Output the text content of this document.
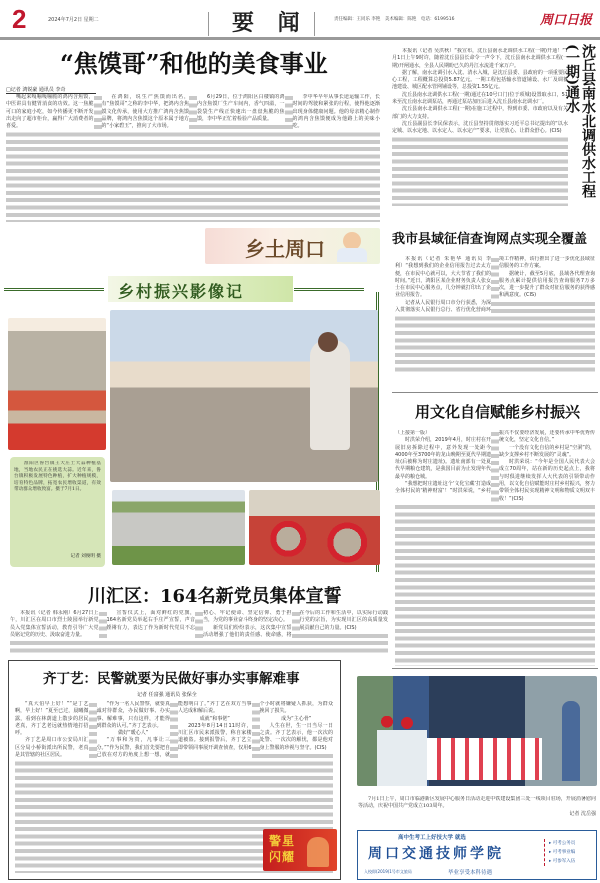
2	2024年7月2日 星期二	要 闻	责任编辑：王同乐 李艳　美术编辑：陈艳　电话：6199516	周口日报
“焦馍哥”和他的美食事业
□记者 鸿锐豪 通讯员 李奇

嘴起来嘎嘣嘎嘣脆的鸿内含焦馍，中医讲具有健胃消食的功效。这一焦脆可口的家庭小吃，如今传播更不断开发出走向了超市柜台，赢得广大消费者的喜爱。

在鸿阳，说生产焦馍而出名，有“焦馍哥”之称的李中华，把鸿内含焦馍文化传承，使用大方推广鸿内含焦馍品牌，将鸿内含焦馍这个原本属于地方的“小家碧玉”，推向了大市场。

6月29日，位于鸿阳区白楼镇的鸿内含焦馍厂生产车间内，香气四溢，一袋袋生产线正快速出一盘盘焦脆的焦馍，李中华正忙着检验产品质量。

李中华早年从事长途运输工作，长时间的驾驶和紧张的行程，使得他逐渐出现身体健康问题。他的母亲精心制作的鸿内含焦馍便成为他路上的美味小吃。

乡土周口

本报讯（记者 吴洪秋）“我宣布，沈丘县南水北调供水工程(一期)开通！”7月1日上午9时许，随着沈丘县县长命令一声令下，沈丘县南水北调供水工程(一期)开闸通水，全县人民期盼已久的丹江水流进千家万户。

据了解，南水北调引水入沈、清水入城，是沈丘县委、县政府的一项重要民心工程，工程概算总投资5.87亿元。一期工程包括输水管道铺设、水厂及调蓄池建设、城区配水管网铺设等，总投资1.55亿元。

沈丘县南水北调供水工程(一期)通过在10号口门(位于项城)设置取水口，51米至沈丘南水北调泵站，再通过泵站加压后进入沈丘县南水北调水厂。

沈丘县南水北调供水工程(一期)在施工过程中，得到市委、市政府以及有关部门的大力支持。

沈丘县副县长李民保表示，沈丘县坚持贯彻落实习近平总书记提出的“以水定城、以水定地、以水定人、以水定产”要求，让党放心、让群众舒心。(CIS)	沈丘县南水北调供水工程(一期)通水
我市县域征信查询网点实现全覆盖

本报讯（记者 朱艳华 通讯员 李利）“我想到我们的企业信用报告过去太方便，在市民中心就可以，大大节省了我们的时间。”近日，鸿阳区某企业财务负责人张女士在市民中心服务点，几分钟就打印出了企业信用报告。

记者从人民银行周口市分行获悉，为深入贯彻落实人民银行总行、省行优化营商环境工作精神，该行推出了进一步优化县域征信服务的工作方案。

据统计，截至5月底，县域各代理查询服务点累计提供信用报告查询服务7万多次，进一步提升了群众对征信服务的获得感和满意度。(CIS)

用文化自信赋能乡村振兴

（上接第一版）

时洪荣介绍，2019年4月，时庄村在开展旧房拆除过程中，意外发现一处距今4000年至3700年的龙山晚期至夏代早期遗址(后被称为时庄遗址)。遗址南部有一处夏代早期粮仓建筑，是我国目前为止发现年代最早的粮仓城。

“我想把时庄遗址这个‘文化宝藏’打造成全体村民的‘精神财富’！”时洪荣说，“乡村振兴不仅要经济发展，还要传承中华优秀传统文化，坚定文化自信。”

一个没有文化自信的乡村是“空洞”的，缺少支撑乡村不断发展的“灵魂”。

时洪荣说：“今年是全国人民代表大会成立70周年，站在新的历史起点上，我将与时俱进继续发挥人大代表的引领带动作用，以文化自信赋能时庄村乡村振兴，努力带领全体村民实现精神文明和物质文明双丰收！”(CIS)

乡村振兴影像记
淮阳区鲁台镇王大庄土大蒜种植基地，当地农民正在挑选大蒜。近年来，鲁台镇积极发展特色种植，扩大种植规模，培育特色品牌，拓宽农民增收渠道，有效带动群众增收致富。摄于7月1日。
记者 刘俊明 摄
川汇区：164名新党员集体宣誓

本报讯（记者 韩永刚）6月27日上午，川汇区在周口市烈士陵园举行新党员入党集体宣誓活动，教育引导广大党员铭记党的历史、汲取奋进力量。

宣誓仪式上，面对鲜红的党旗，164名新党员举起右手庄严宣誓，声音铿锵有力，表达了作为新时代党员不忘初心、牢记使命、坚定信仰、勇于担当，为党的事业奋斗终身的坚定决心。

新党员们纷纷表示，这次集中宣誓活动增强了他们的责任感、使命感，将在今后的工作和生活中，以实际行动践行党的宗旨，为实现川汇区的高质量发展贡献自己的力量。(CIS)

齐丁艺：民警就要为民做好事办实事解难事
记者 任富强 通讯员 张保全

“真大伯早上好！”“是丁艺啊，早上好！”夏至已过，晨曦微露，看到在林荫道上散步的居民老真，齐丁艺老远就热情地打招呼。

齐丁艺是周口市公安局川汇区分局小桥街派出所民警，老真是其管辖的社区居民。

“作为一名人民警察，就要真诚对待群众，办民做好事、办实事、解难事，只有这样，才能得到群众的认可。”齐丁艺表示。

做好“暖心人”

“万事和为贵，凡事让三分。”“作为民警，我们首先要把自己放在对方的角度上想一想，就能想明白了。”齐丁艺在双方当事人达成和解后说。

成就“和事佬”

2023年8月14日11时许，川汇区市民来派报警，称自家楼道被盗。接到报警后，齐丁艺立即带领同事展开调查侦查，仅用6个小时就将嫌疑人抓获，为群众挽回了损失。

成为“主心骨”

人生在世，生一日当尽一日之责。齐丁艺表示，他一次次的处警、一次次的解忧，都是他对身上警服的珍视与坚守。(CIS)

警星闪耀

7月1日上午，周口市临港新区发展中心服务日活动走进中铁建设集团三处一线项目驻场，开展消暑慰问等活动，庆祝中国共产党成立103周年。

记者 沈岳强
高中生考工上好技大学 就选
周口交通技师学院
入校即(2019)1号市文旅局	毕业享受本科待遇
▸ 可考公务员
▸ 可考事业编
▸ 可参军入伍
